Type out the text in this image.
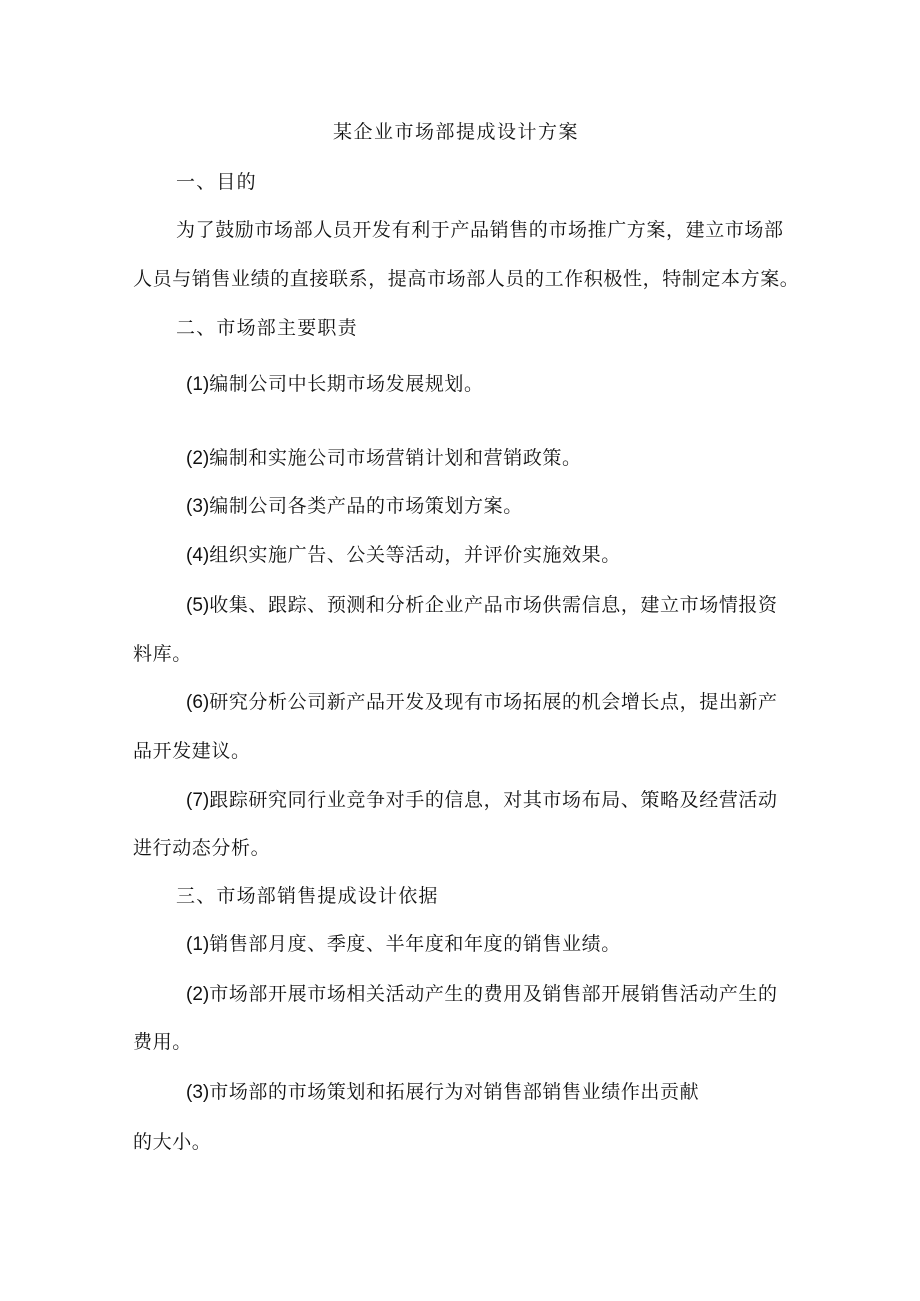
某企业市场部提成设计方案
一、目的
为了鼓励市场部人员开发有利于产品销售的市场推广方案，建立市场部
人员与销售业绩的直接联系，提高市场部人员的工作积极性，特制定本方案。
二、市场部主要职责
(1)编制公司中长期市场发展规划。
(2)编制和实施公司市场营销计划和营销政策。
(3)编制公司各类产品的市场策划方案。
(4)组织实施广告、公关等活动，并评价实施效果。
(5)收集、跟踪、预测和分析企业产品市场供需信息，建立市场情报资
料库。
(6)研究分析公司新产品开发及现有市场拓展的机会增长点，提出新产
品开发建议。
(7)跟踪研究同行业竞争对手的信息，对其市场布局、策略及经营活动
进行动态分析。
三、市场部销售提成设计依据
(1)销售部月度、季度、半年度和年度的销售业绩。
(2)市场部开展市场相关活动产生的费用及销售部开展销售活动产生的
费用。
(3)市场部的市场策划和拓展行为对销售部销售业绩作出贡献
的大小。
